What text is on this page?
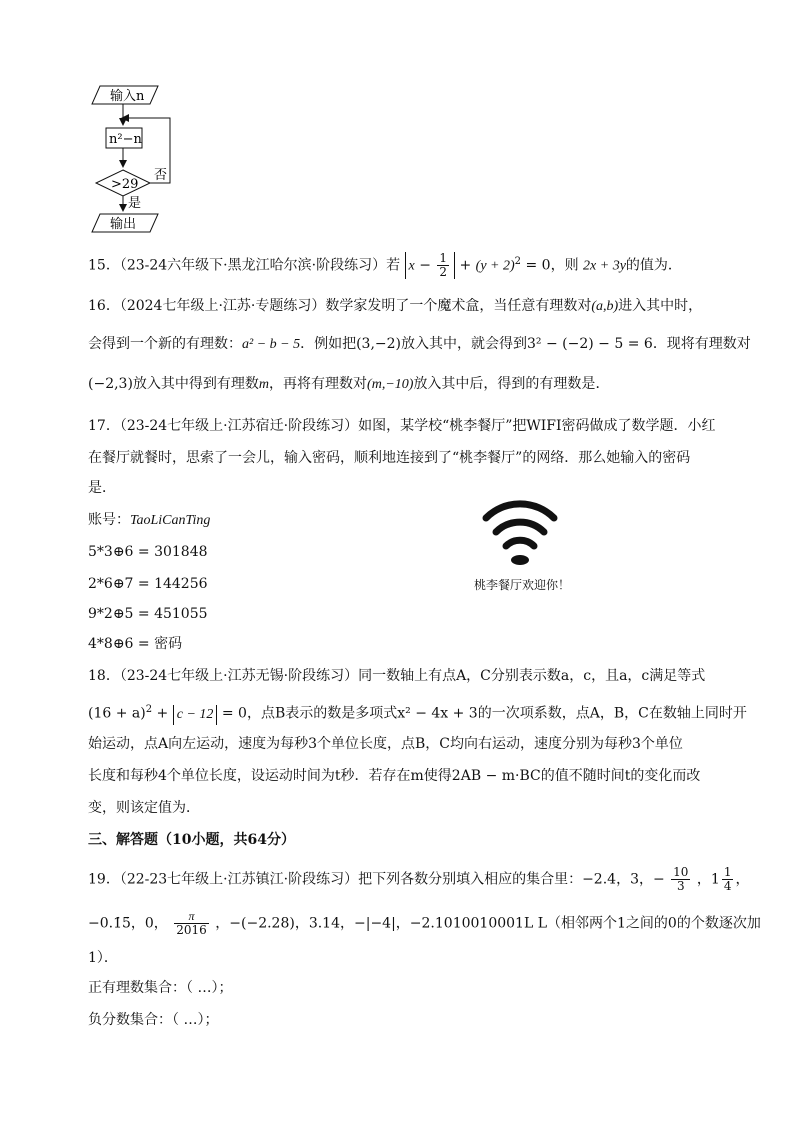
输入n
n²−n
>29
否
是
输出
15．（23-24六年级下·黑龙江哈尔滨·阶段练习）若 $x - \frac{1}{2} + (y + 2)^2 = 0$，则 2x + 3y的值为．
16．（2024七年级上·江苏·专题练习）数学家发明了一个魔术盒，当任意有理数对(a,b)进入其中时，
会得到一个新的有理数：a² − b − 5．例如把(3,−2)放入其中，就会得到3² − (−2) − 5 = 6．现将有理数对
(−2,3)放入其中得到有理数m，再将有理数对(m,−10)放入其中后，得到的有理数是．
17．（23-24七年级上·江苏宿迁·阶段练习）如图，某学校“桃李餐厅”把WIFI密码做成了数学题．小红
在餐厅就餐时，思索了一会儿，输入密码，顺利地连接到了“桃李餐厅”的网络．那么她输入的密码
是．
账号：TaoLiCanTing
5*3⊕6 = 301848
2*6⊕7 = 144256
9*2⊕5 = 451055
4*8⊕6 = 密码
桃李餐厅欢迎你！
18．（23-24七年级上·江苏无锡·阶段练习）同一数轴上有点A，C分别表示数a，c，且a，c满足等式
$(16 + a)^2 + c - 12 = 0$，点B表示的数是多项式x² − 4x + 3的一次项系数，点A，B，C在数轴上同时开
始运动，点A向左运动，速度为每秒3个单位长度，点B，C均向右运动，速度分别为每秒3个单位
长度和每秒4个单位长度，设运动时间为t秒．若存在m使得2AB − m·BC的值不随时间t的变化而改
变，则该定值为．
三、解答题（10小题，共64分）
19．（22-23七年级上·江苏镇江·阶段练习）把下列各数分别填入相应的集合里：−2.4，3，− $\frac{10}{3}$ ，$1 \frac{1}{4}$ ，
−0.1̇5̇，0， $\frac{\pi}{2016}$ ，−(−2.28)，3.14，−|−4|，−2.1010010001L L（相邻两个1之间的0的个数逐次加
1）．
正有理数集合：（ …）；
负分数集合：（ …）；
